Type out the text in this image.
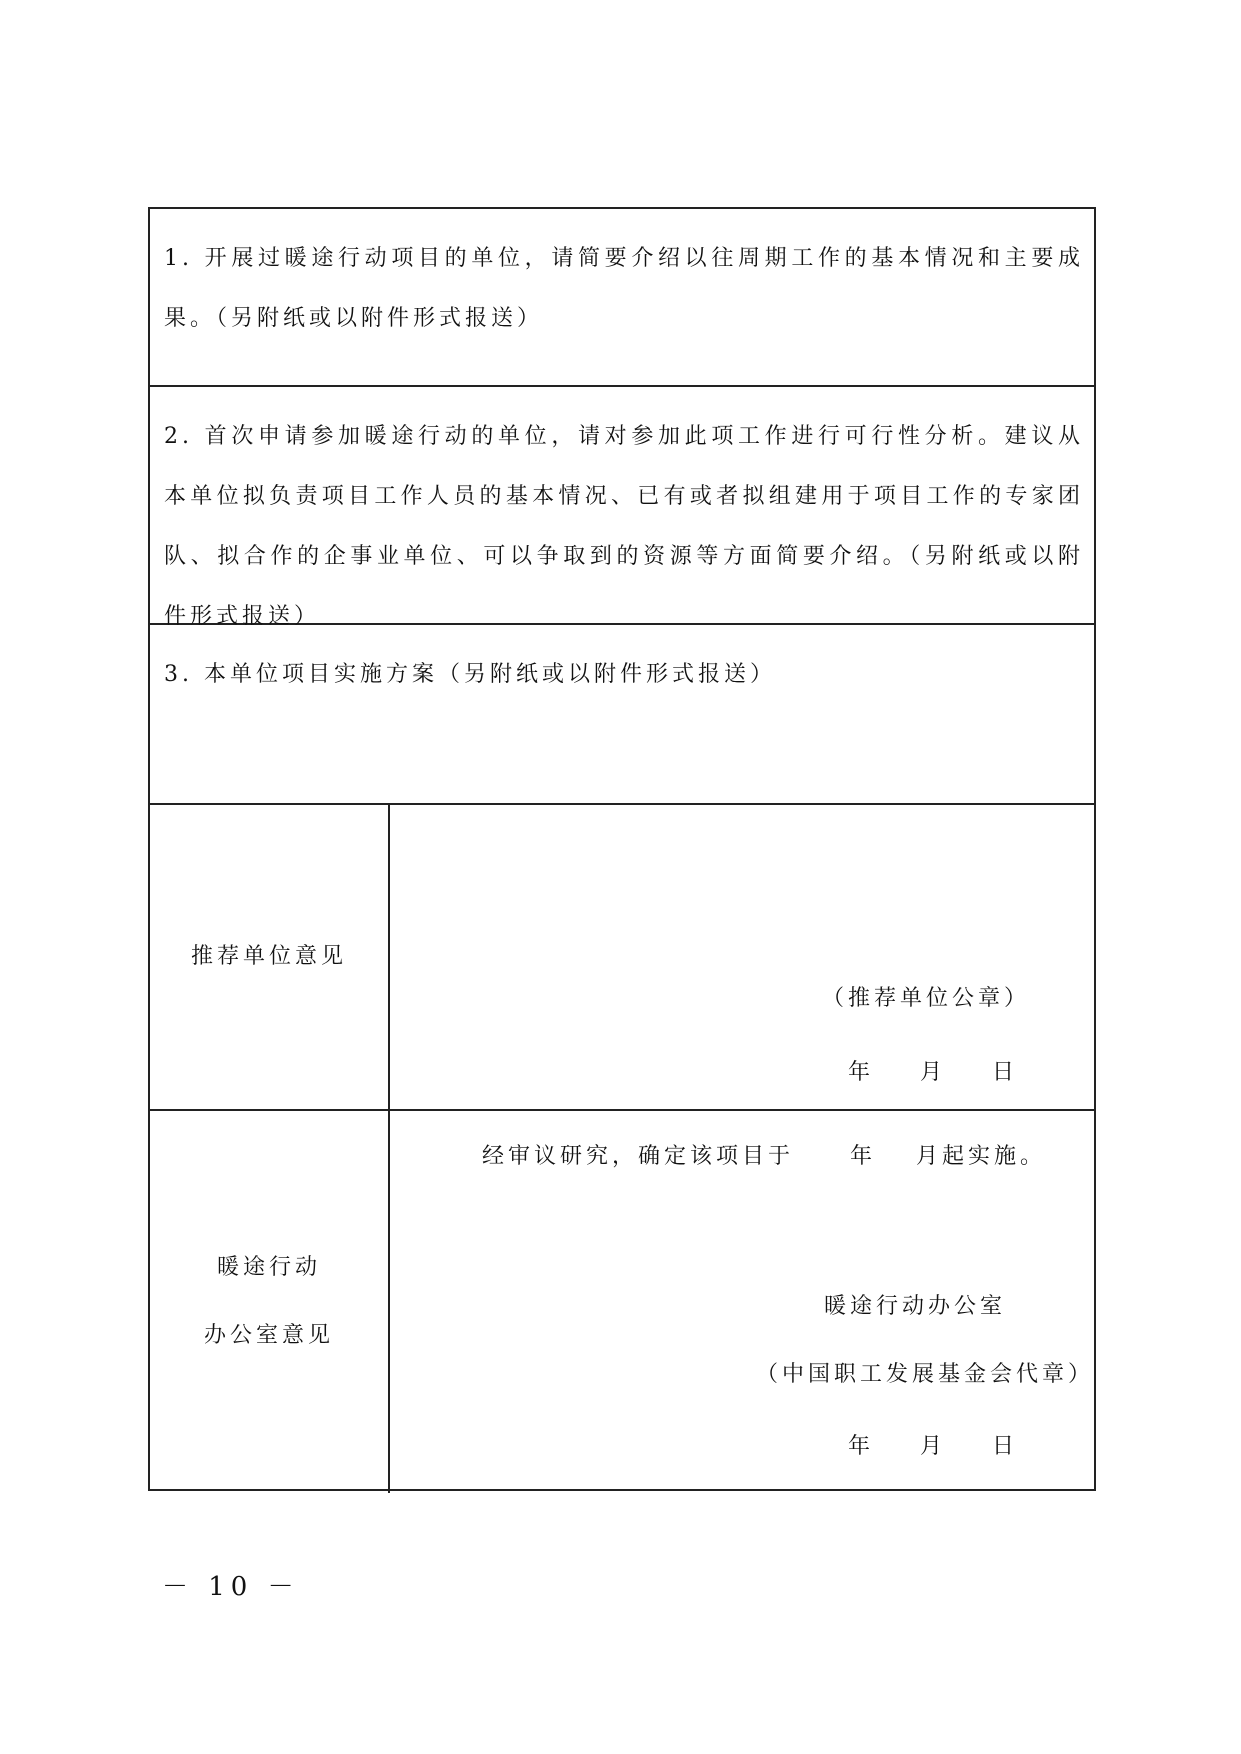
1. 开展过暖途行动项目的单位，请简要介绍以往周期工作的基本情况和主要成果。（另附纸或以附件形式报送）
2. 首次申请参加暖途行动的单位，请对参加此项工作进行可行性分析。建议从本单位拟负责项目工作人员的基本情况、已有或者拟组建用于项目工作的专家团队、拟合作的企事业单位、可以争取到的资源等方面简要介绍。（另附纸或以附件形式报送）
3. 本单位项目实施方案（另附纸或以附件形式报送）
推荐单位意见
（推荐单位公章）
年 月 日
暖途行动
办公室意见
经审议研究，确定该项目于	年 月起实施。
暖途行动办公室
（中国职工发展基金会代章）
年 月 日
－ 10 －
